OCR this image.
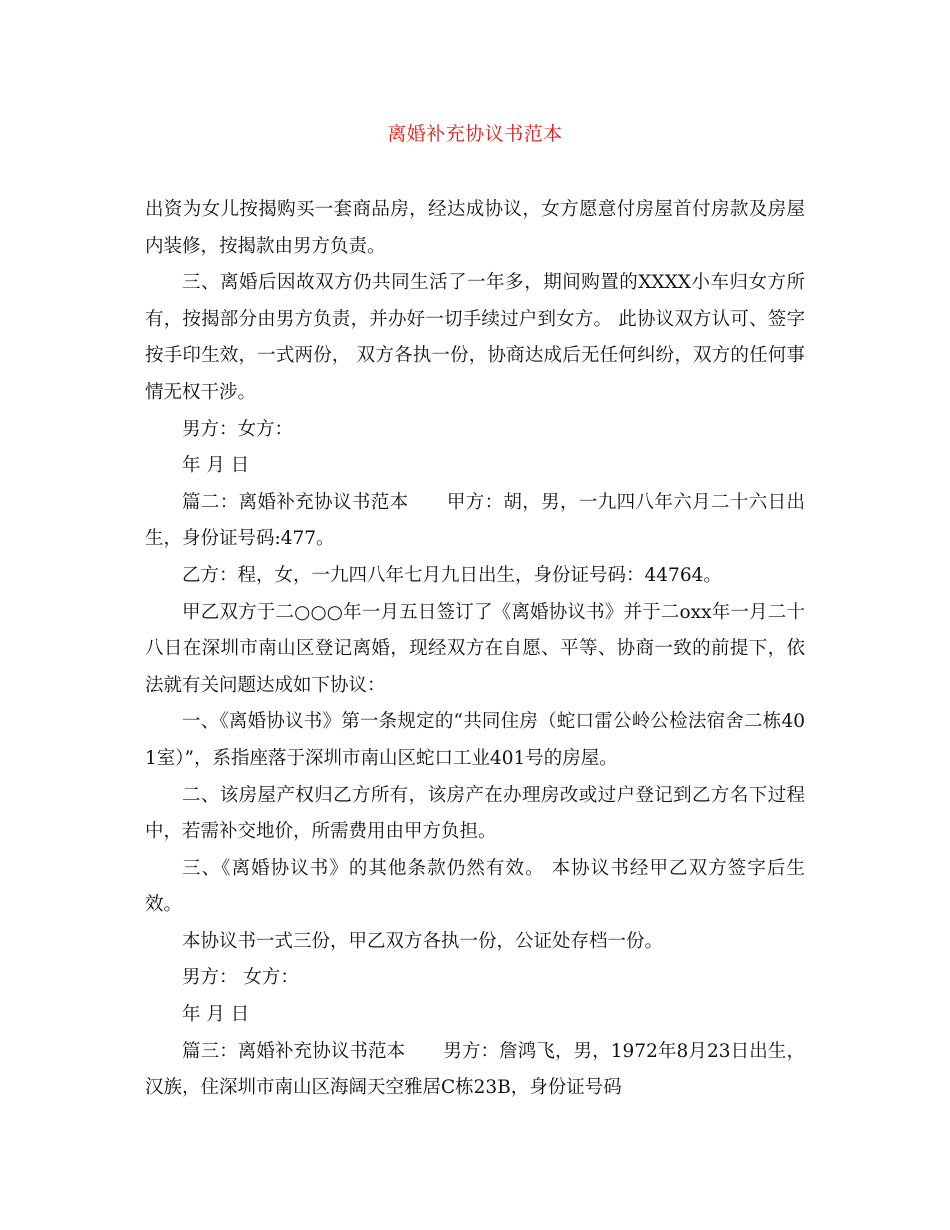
离婚补充协议书范本

出资为女儿按揭购买一套商品房，经达成协议，女方愿意付房屋首付房款及房屋内装修，按揭款由男方负责。

三、离婚后因故双方仍共同生活了一年多，期间购置的XXXX小车归女方所有，按揭部分由男方负责，并办好一切手续过户到女方。 此协议双方认可、签字按手印生效，一式两份， 双方各执一份，协商达成后无任何纠纷，双方的任何事情无权干涉。

男方：女方：

年 月 日

篇二：离婚补充协议书范本 甲方：胡，男，一九四八年六月二十六日出生，身份证号码:477。

乙方：程，女，一九四八年七月九日出生，身份证号码：44764。

甲乙双方于二○○○年一月五日签订了《离婚协议书》并于二oxx年一月二十八日在深圳市南山区登记离婚，现经双方在自愿、平等、协商一致的前提下，依法就有关问题达成如下协议：

一、《离婚协议书》第一条规定的“共同住房（蛇口雷公岭公检法宿舍二栋401室）”，系指座落于深圳市南山区蛇口工业401号的房屋。

二、该房屋产权归乙方所有，该房产在办理房改或过户登记到乙方名下过程中，若需补交地价，所需费用由甲方负担。

三、《离婚协议书》的其他条款仍然有效。 本协议书经甲乙双方签字后生效。

本协议书一式三份，甲乙双方各执一份，公证处存档一份。

男方： 女方：

年 月 日

篇三：离婚补充协议书范本 男方：詹鸿飞，男，1972年8月23日出生，汉族，住深圳市南山区海阔天空雅居C栋23B，身份证号码
